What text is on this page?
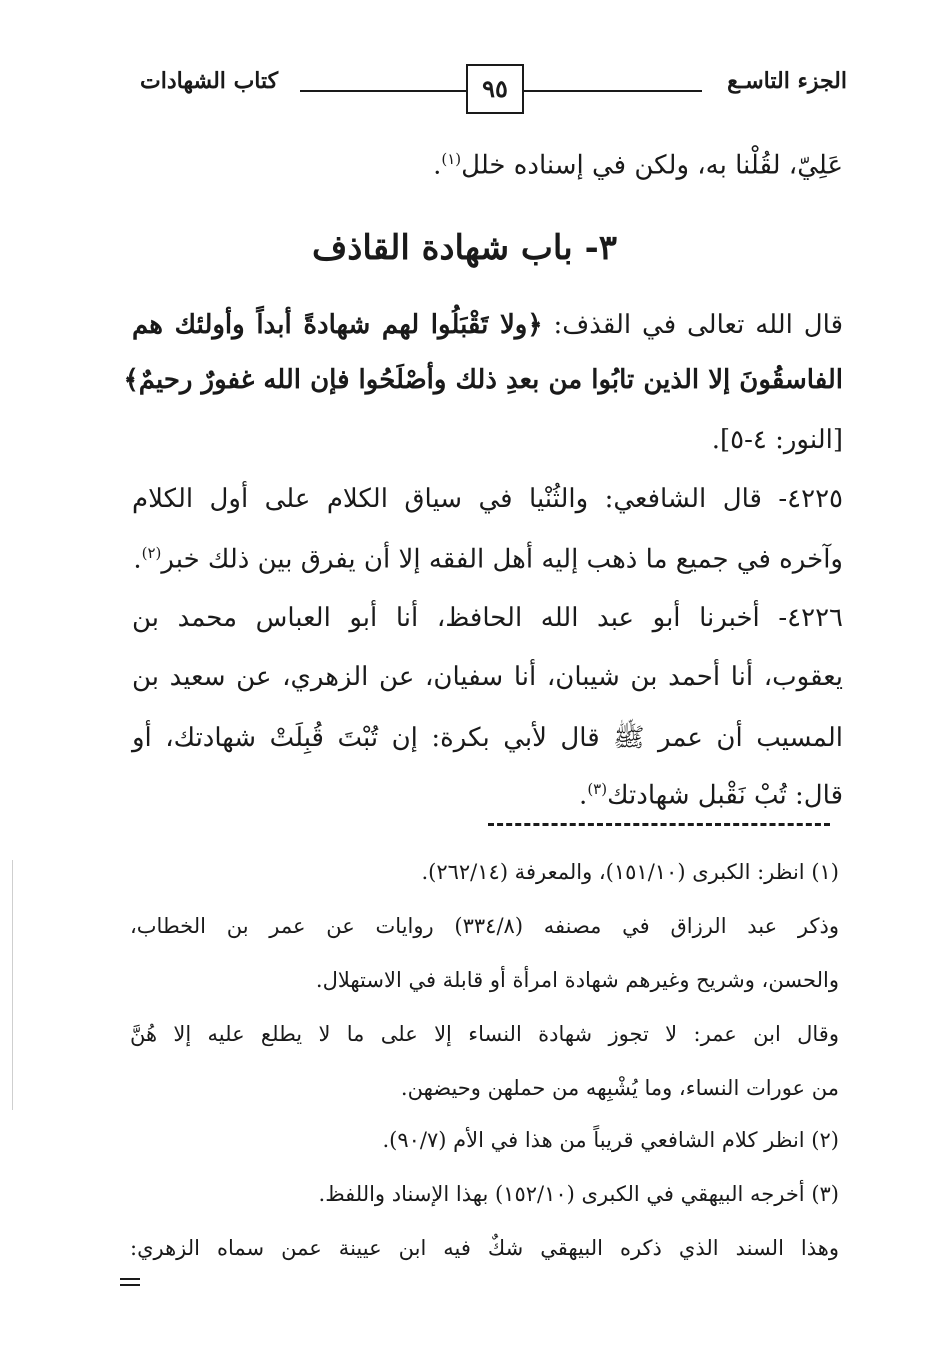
الجزء التاسـع
٩٥
كتاب الشهادات
عَلِيّ، لقُلْنا به، ولكن في إسناده خلل$^{(١)}$.
٣- باب شهادة القاذف
قال الله تعالى في القذف: ﴿ولا تَقْبَلُوا لهم شهادةً أبداً وأولئك هم
الفاسقُونَ إلا الذين تابُوا من بعدِ ذلك وأصْلَحُوا فإن الله غفورٌ رحيمٌ﴾
[النور: ٤-٥].
٤٢٢٥- قال الشافعي: والثُنْيا في سياق الكلام على أول الكلام
وآخره في جميع ما ذهب إليه أهل الفقه إلا أن يفرق بين ذلك خبر$^{(٢)}$.
٤٢٢٦- أخبرنا أبو عبد الله الحافظ، أنا أبو العباس محمد بن
يعقوب، أنا أحمد بن شيبان، أنا سفيان، عن الزهري، عن سعيد بن
المسيب أن عمر ﷺ قال لأبي بكرة: إن تُبْتَ قُبِلَتْ شهادتك، أو
قال: تُبْ نَقْبل شهادتك$^{(٣)}$.
(١) انظر: الكبرى (١٥١/١٠)، والمعرفة (٢٦٢/١٤).
وذكر عبد الرزاق في مصنفه (٣٣٤/٨) روايات عن عمر بن الخطاب،
والحسن، وشريح وغيرهم شهادة امرأة أو قابلة في الاستهلال.
وقال ابن عمر: لا تجوز شهادة النساء إلا على ما لا يطلع عليه إلا هُنَّ
من عورات النساء، وما يُشْبِهه من حملهن وحيضهن.
(٢) انظر كلام الشافعي قريباً من هذا في الأم (٩٠/٧).
(٣) أخرجه البيهقي في الكبرى (١٥٢/١٠) بهذا الإسناد واللفظ.
وهذا السند الذي ذكره البيهقي شكٌ فيه ابن عيينة عمن سماه الزهري:
